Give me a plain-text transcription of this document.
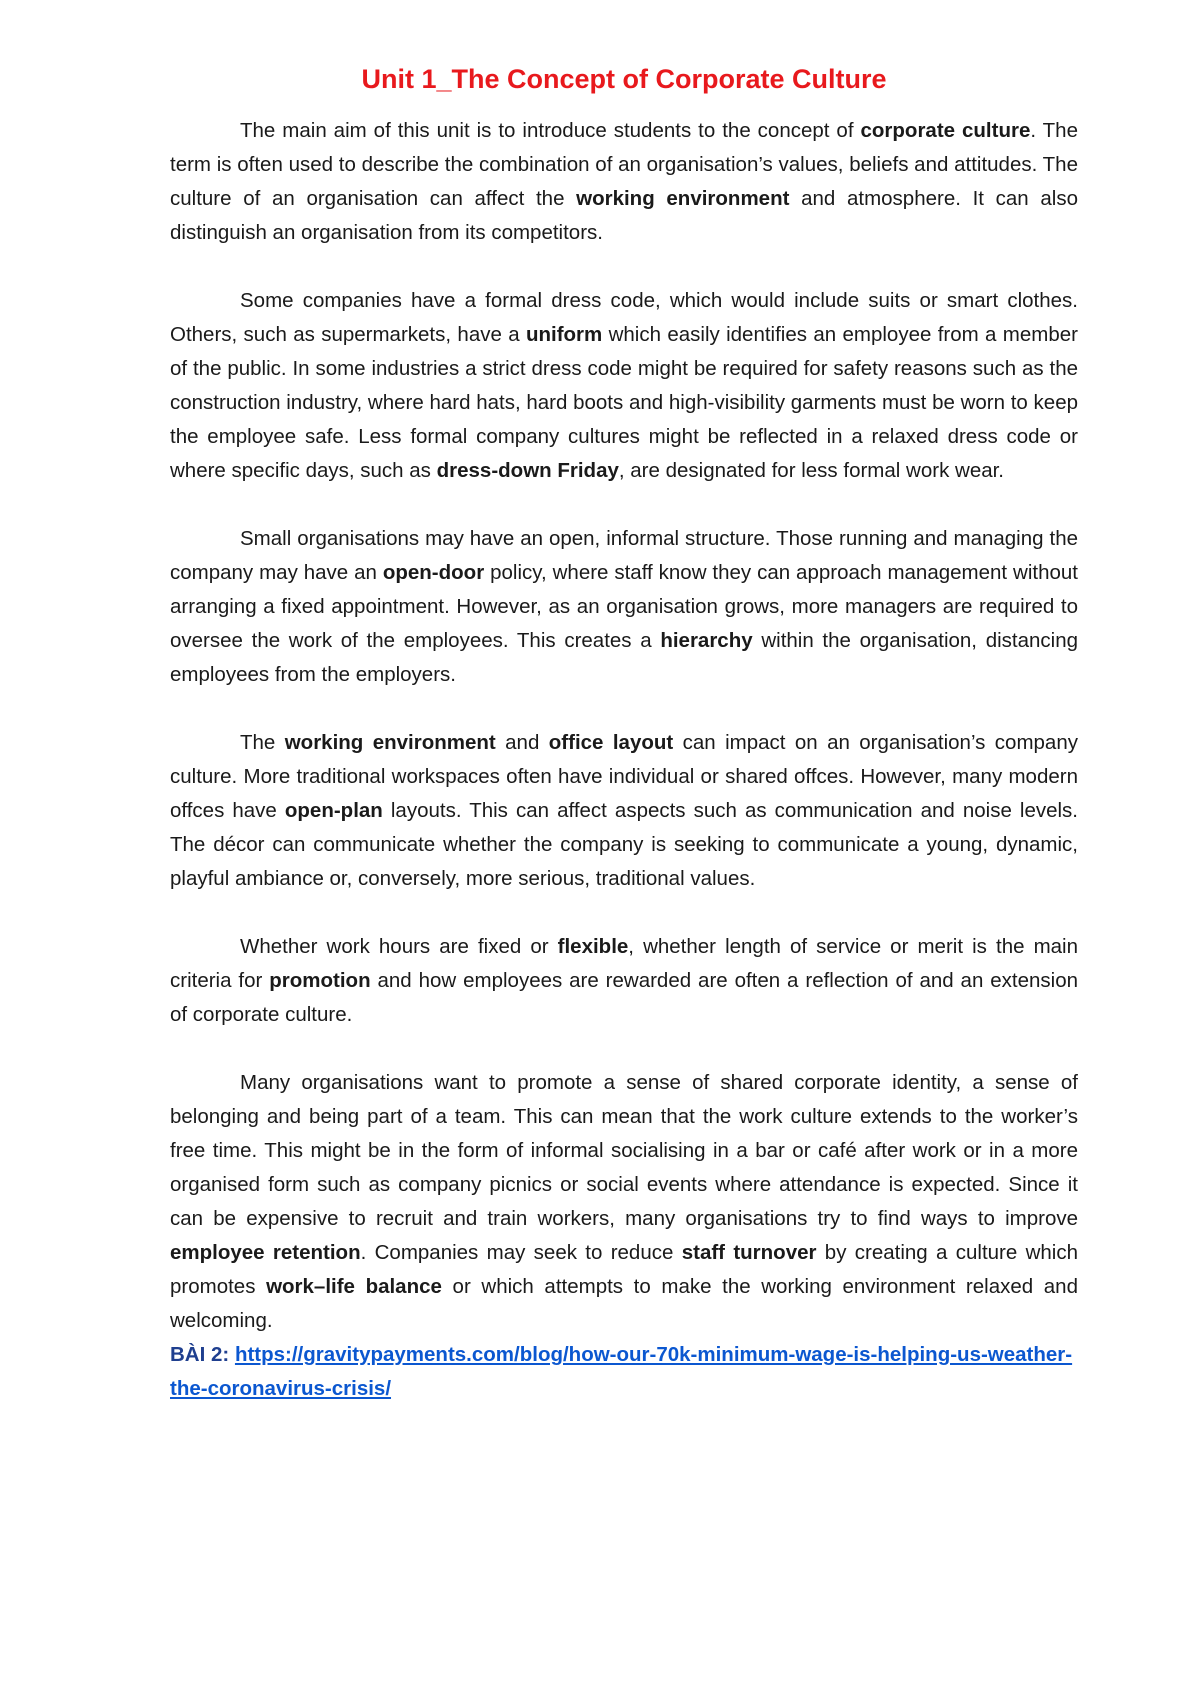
Unit 1_The Concept of Corporate Culture

The main aim of this unit is to introduce students to the concept of corporate culture. The term is often used to describe the combination of an organisation’s values, beliefs and attitudes. The culture of an organisation can affect the working environment and atmosphere. It can also distinguish an organisation from its competitors.

Some companies have a formal dress code, which would include suits or smart clothes. Others, such as supermarkets, have a uniform which easily identifies an employee from a member of the public. In some industries a strict dress code might be required for safety reasons such as the construction industry, where hard hats, hard boots and high-visibility garments must be worn to keep the employee safe. Less formal company cultures might be reflected in a relaxed dress code or where specific days, such as dress-down Friday, are designated for less formal work wear.

Small organisations may have an open, informal structure. Those running and managing the company may have an open-door policy, where staff know they can approach management without arranging a fixed appointment. However, as an organisation grows, more managers are required to oversee the work of the employees. This creates a hierarchy within the organisation, distancing employees from the employers.

The working environment and office layout can impact on an organisation’s company culture. More traditional workspaces often have individual or shared offces. However, many modern offces have open-plan layouts. This can affect aspects such as communication and noise levels. The décor can communicate whether the company is seeking to communicate a young, dynamic, playful ambiance or, conversely, more serious, traditional values.

Whether work hours are fixed or flexible, whether length of service or merit is the main criteria for promotion and how employees are rewarded are often a reflection of and an extension of corporate culture.

Many organisations want to promote a sense of shared corporate identity, a sense of belonging and being part of a team. This can mean that the work culture extends to the worker’s free time. This might be in the form of informal socialising in a bar or café after work or in a more organised form such as company picnics or social events where attendance is expected. Since it can be expensive to recruit and train workers, many organisations try to find ways to improve employee retention. Companies may seek to reduce staff turnover by creating a culture which promotes work–life balance or which attempts to make the working environment relaxed and welcoming.

BÀI 2: https://gravitypayments.com/blog/how-our-70k-minimum-wage-is-helping-us-weather-the-coronavirus-crisis/
